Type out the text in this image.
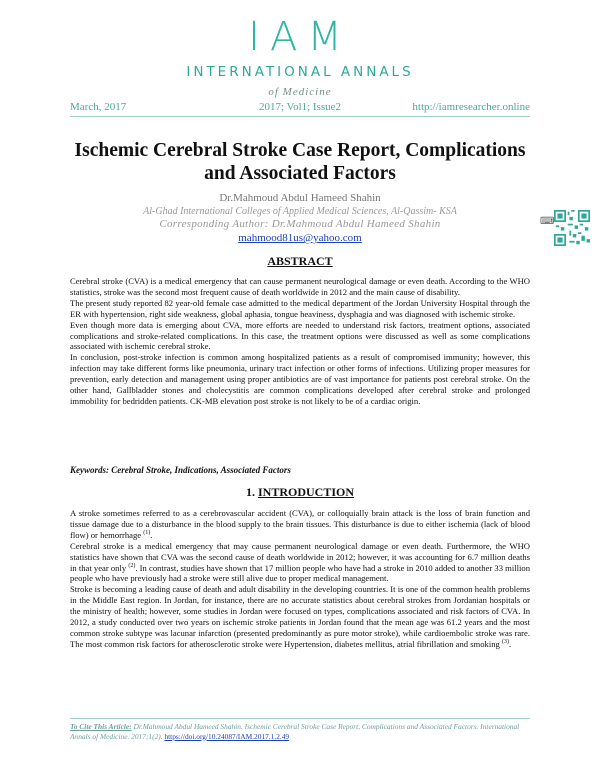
IAM
INTERNATIONAL ANNALS
of Medicine
March, 2017	2017; Vol1; Issue2	http://iamresearcher.online
⌨
Ischemic Cerebral Stroke Case Report, Complications
and Associated Factors
Dr.Mahmoud Abdul Hameed Shahin
Al-Ghad International Colleges of Applied Medical Sciences, Al-Qassim- KSA
Corresponding Author: Dr.Mahmoud Abdul Hameed Shahin
mahmood81us@yahoo.com
ABSTRACT

Cerebral stroke (CVA) is a medical emergency that can cause permanent neurological damage or even death. According to the WHO statistics, stroke was the second most frequent cause of death worldwide in 2012 and the main cause of disability.

The present study reported 82 year-old female case admitted to the medical department of the Jordan University Hospital through the ER with hypertension, right side weakness, global aphasia, tongue heaviness, dysphagia and was diagnosed with ischemic stroke.

Even though more data is emerging about CVA, more efforts are needed to understand risk factors, treatment options, associated complications and stroke-related complications. In this case, the treatment options were discussed as well as some complications associated with ischemic cerebral stroke.

In conclusion, post-stroke infection is common among hospitalized patients as a result of compromised immunity; however, this infection may take different forms like pneumonia, urinary tract infection or other forms of infections. Utilizing proper measures for prevention, early detection and management using proper antibiotics are of vast importance for patients post cerebral stroke. On the other hand, Gallbladder stones and cholecystitis are common complications developed after cerebral stroke and prolonged immobility for bedridden patients. CK-MB elevation post stroke is not likely to be of a cardiac origin.

Keywords: Cerebral Stroke, Indications, Associated Factors
1. INTRODUCTION

A stroke sometimes referred to as a cerebrovascular accident (CVA), or colloquially brain attack is the loss of brain function and tissue damage due to a disturbance in the blood supply to the brain tissues. This disturbance is due to either ischemia (lack of blood flow) or hemorrhage $^{(1)}$.

Cerebral stroke is a medical emergency that may cause permanent neurological damage or even death. Furthermore, the WHO statistics have shown that CVA was the second cause of death worldwide in 2012; however, it was accounting for 6.7 million deaths in that year only $^{(2)}$. In contrast, studies have shown that 17 million people who have had a stroke in 2010 added to another 33 million people who have previously had a stroke were still alive due to proper medical management.

Stroke is becoming a leading cause of death and adult disability in the developing countries. It is one of the common health problems in the Middle East region. In Jordan, for instance, there are no accurate statistics about cerebral strokes from Jordanian hospitals or the ministry of health; however, some studies in Jordan were focused on types, complications associated and risk factors of CVA. In 2012, a study conducted over two years on ischemic stroke patients in Jordan found that the mean age was 61.2 years and the most common stroke subtype was lacunar infarction (presented predominantly as pure motor stroke), while cardioembolic stroke was rare. The most common risk factors for atherosclerotic stroke were Hypertension, diabetes mellitus, atrial fibrillation and smoking $^{(3)}$.

To Cite This Article: Dr.Mahmoud Abdul Hameed Shahin. Ischemic Cerebral Stroke Case Report, Complications and Associated Factors. International Annals of Medicine. 2017;1(2). https://doi.org/10.24087/IAM.2017.1.2.49
